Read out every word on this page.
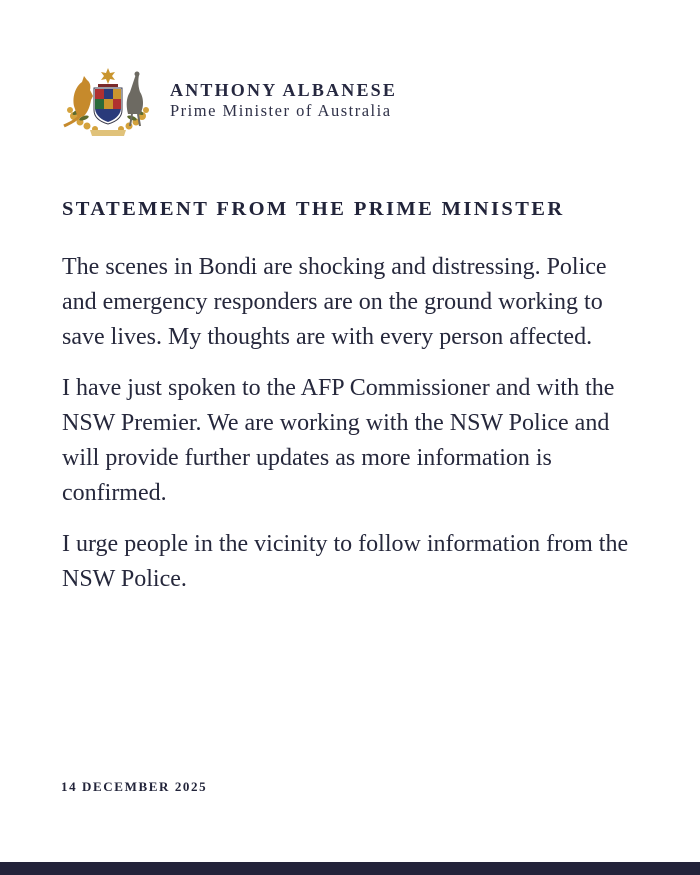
ANTHONY ALBANESE
Prime Minister of Australia
STATEMENT FROM THE PRIME MINISTER

The scenes in Bondi are shocking and distressing. Police and emergency responders are on the ground working to save lives. My thoughts are with every person affected.

I have just spoken to the AFP Commissioner and with the NSW Premier. We are working with the NSW Police and will provide further updates as more information is confirmed.

I urge people in the vicinity to follow information from the NSW Police.

14 DECEMBER 2025
